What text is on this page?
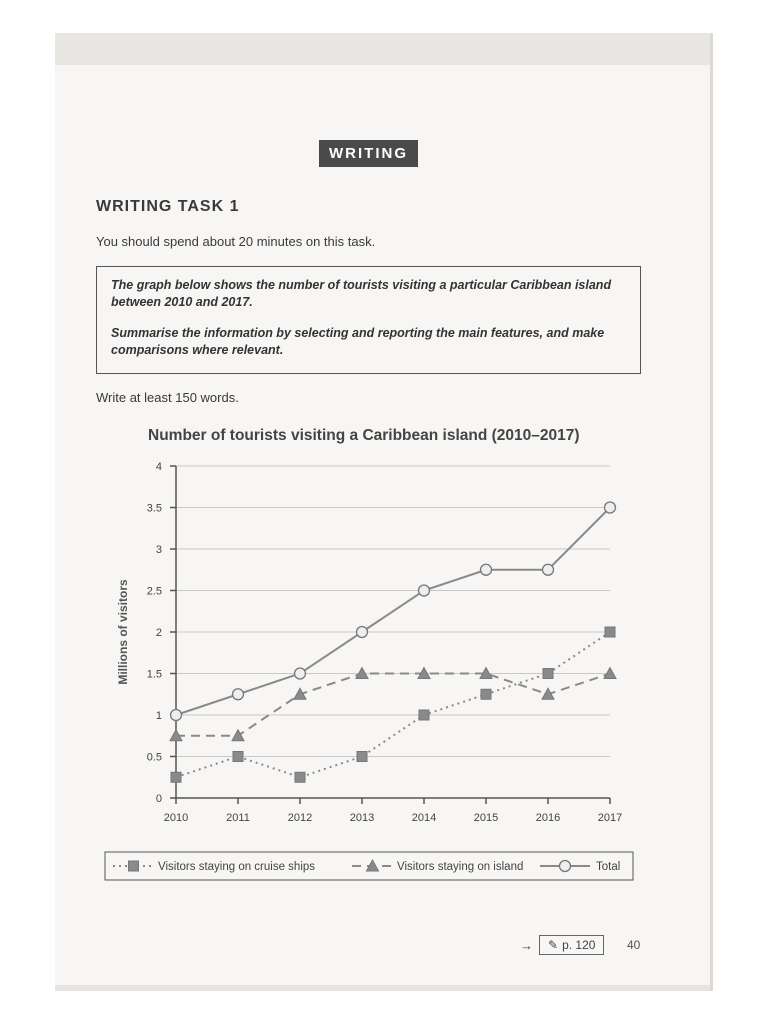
WRITING
WRITING TASK 1
You should spend about 20 minutes on this task.

The graph below shows the number of tourists visiting a particular Caribbean island between 2010 and 2017.

Summarise the information by selecting and reporting the main features, and make comparisons where relevant.

Write at least 150 words.
Number of tourists visiting a Caribbean island (2010–2017)
0
0.5
1
1.5
2
2.5
3
3.5
4
2010	2011	2012	2013	2014	2015	2016	2017
Millions of visitors
Visitors staying on cruise ships	Visitors staying on island	Total
→ ✎ p. 120	40
